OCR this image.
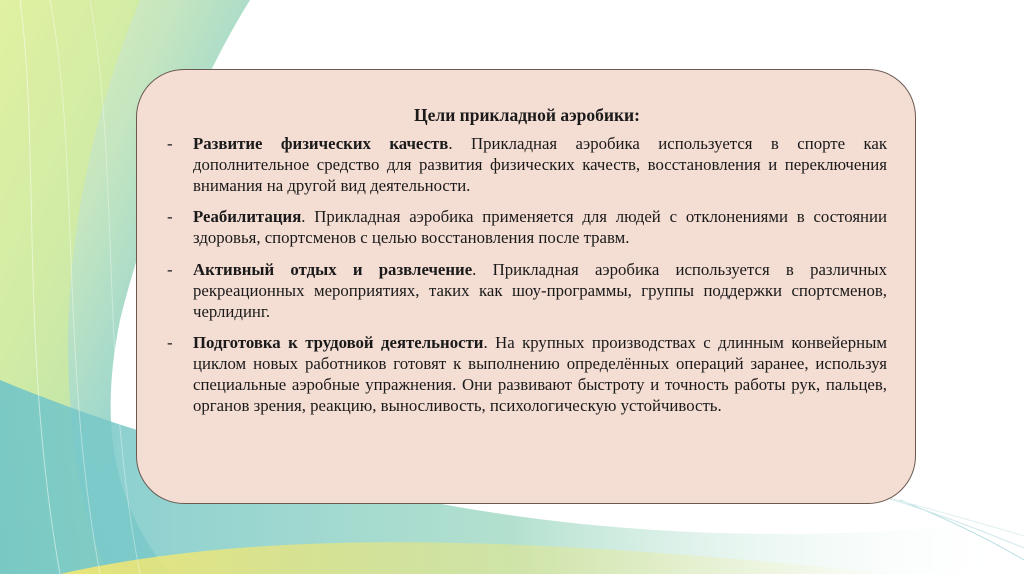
Цели прикладной аэробики:
-	Развитие физических качеств. Прикладная аэробика используется в спорте как дополнительное средство для развития физических качеств, восстановления и переключения внимания на другой вид деятельности.
-	Реабилитация. Прикладная аэробика применяется для людей с отклонениями в состоянии здоровья, спортсменов с целью восстановления после травм.
-	Активный отдых и развлечение. Прикладная аэробика используется в различных рекреационных мероприятиях, таких как шоу-программы, группы поддержки спортсменов, черлидинг.
-	Подготовка к трудовой деятельности. На крупных производствах с длинным конвейерным циклом новых работников готовят к выполнению определённых операций заранее, используя специальные аэробные упражнения. Они развивают быстроту и точность работы рук, пальцев, органов зрения, реакцию, выносливость, психологическую устойчивость.
